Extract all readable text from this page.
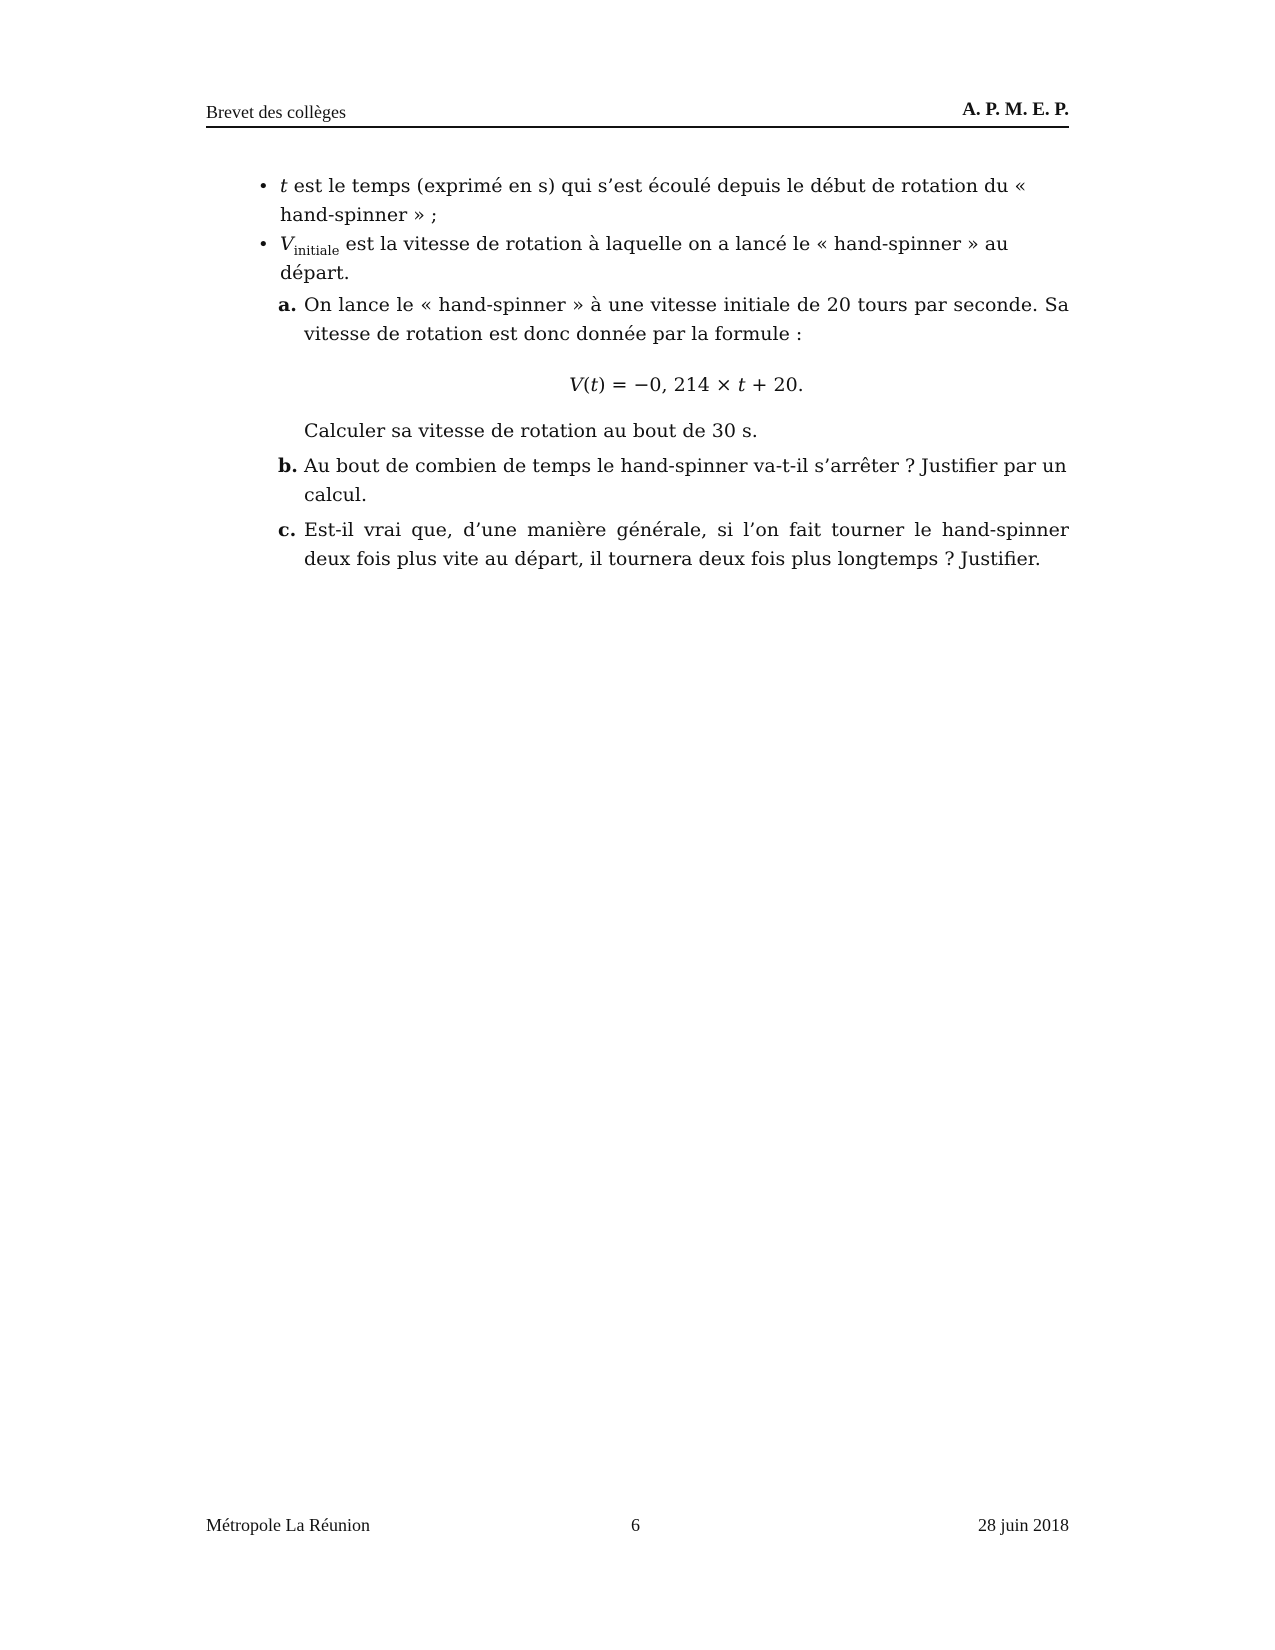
Brevet des collèges	A. P. M. E. P.
• t est le temps (exprimé en s) qui s’est écoulé depuis le début de rotation du « hand-spinner » ;
• $V_{initiale}$ est la vitesse de rotation à laquelle on a lancé le « hand-spinner » au départ.
a. On lance le « hand-spinner » à une vitesse initiale de 20 tours par seconde. Sa vitesse de rotation est donc donnée par la formule :
V(t) = −0, 214 × t + 20.
Calculer sa vitesse de rotation au bout de 30 s.
b. Au bout de combien de temps le hand-spinner va-t-il s’arrêter ? Justifier par un calcul.
c. Est-il vrai que, d’une manière générale, si l’on fait tourner le hand-spinner deux fois plus vite au départ, il tournera deux fois plus longtemps ? Justifier.
Métropole La Réunion	6	28 juin 2018
